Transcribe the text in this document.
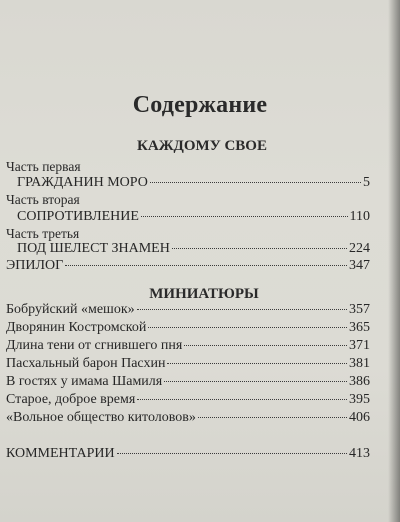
Содержание
КАЖДОМУ СВОЕ
Часть первая
ГРАЖДАНИН МОРО	5
Часть вторая
СОПРОТИВЛЕНИЕ	110
Часть третья
ПОД ШЕЛЕСТ ЗНАМЕН	224
ЭПИЛОГ	347
МИНИАТЮРЫ
Бобруйский «мешок»	357
Дворянин Костромской	365
Длина тени от сгнившего пня	371
Пасхальный барон Пасхин	381
В гостях у имама Шамиля	386
Старое, доброе время	395
«Вольное общество китоловов»	406
КОММЕНТАРИИ	413
